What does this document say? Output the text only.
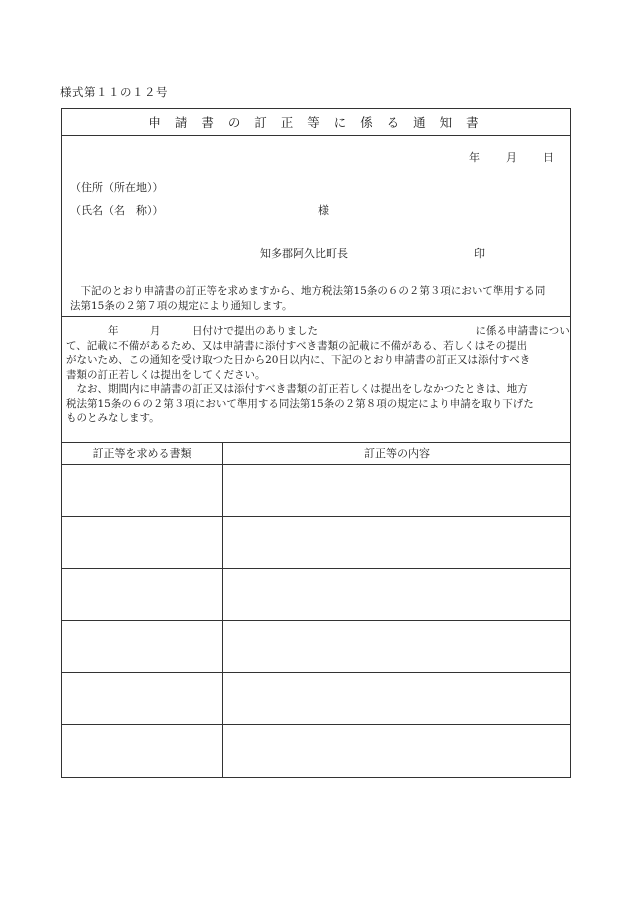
様式第１１の１２号
申 請 書 の 訂 正 等 に 係 る 通 知 書
年 月 日
（住所（所在地））
（氏名（名　称））	様
知多郡阿久比町長	印
　下記のとおり申請書の訂正等を求めますから、地方税法第15条の６の２第３項において準用する同
法第15条の２第７項の規定により通知します。
　　　　年　　　月　　　日付けで提出のありました　　　　　　　　　　　　　　　に係る申請書につい
て、記載に不備があるため、又は申請書に添付すべき書類の記載に不備がある、若しくはその提出
がないため、この通知を受け取つた日から20日以内に、下記のとおり申請書の訂正又は添付すべき
書類の訂正若しくは提出をしてください。
　なお、期間内に申請書の訂正又は添付すべき書類の訂正若しくは提出をしなかつたときは、地方
税法第15条の６の２第３項において準用する同法第15条の２第８項の規定により申請を取り下げた
ものとみなします。
訂正等を求める書類	訂正等の内容
